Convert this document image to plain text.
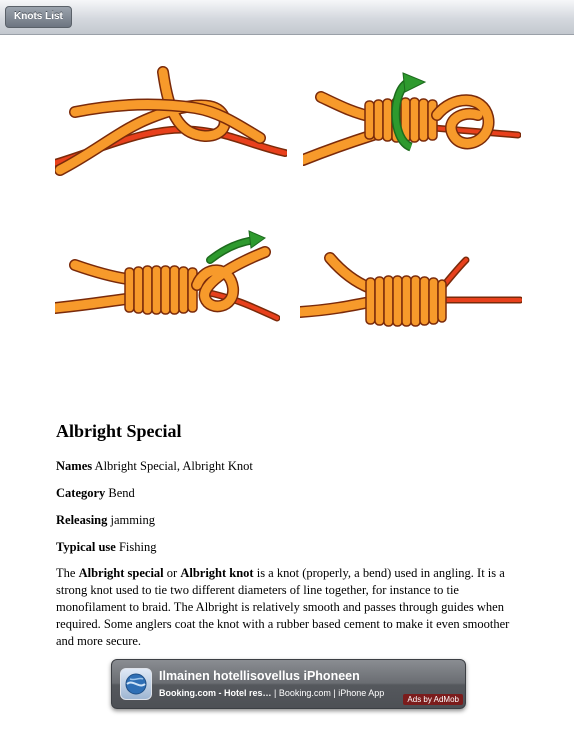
Knots List
Albright Special
Names Albright Special, Albright Knot
Category Bend
Releasing jamming
Typical use Fishing

The Albright special or Albright knot is a knot (properly, a bend) used in angling. It is a strong knot used to tie two different diameters of line together, for instance to tie monofilament to braid. The Albright is relatively smooth and passes through guides when required. Some anglers coat the knot with a rubber based cement to make it even smoother and more secure.

Ilmainen hotellisovellus iPhoneen
Booking.com - Hotel res… | Booking.com | iPhone App
Ads by AdMob
